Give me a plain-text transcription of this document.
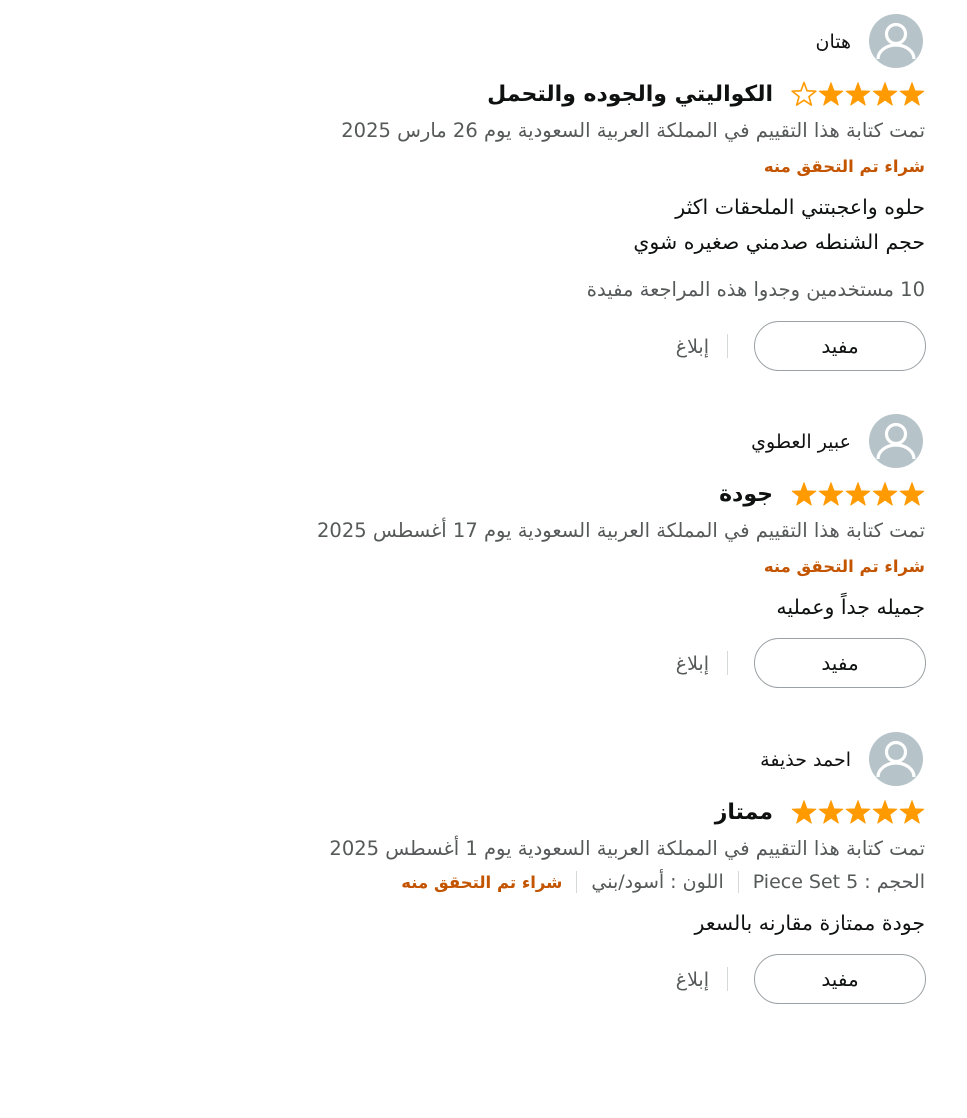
هتان
الكواليتي والجوده والتحمل
تمت كتابة هذا التقييم في المملكة العربية السعودية يوم 26 مارس 2025
شراء تم التحقق منه
حلوه واعجبتني الملحقات اكثر
حجم الشنطه صدمني صغيره شوي
10 مستخدمين وجدوا هذه المراجعة مفيدة
مفيد
إبلاغ
عبير العطوي
جودة
تمت كتابة هذا التقييم في المملكة العربية السعودية يوم 17 أغسطس 2025
شراء تم التحقق منه
جميله جداً وعمليه
مفيد
إبلاغ
احمد حذيفة
ممتاز
تمت كتابة هذا التقييم في المملكة العربية السعودية يوم 1 أغسطس 2025
الحجم : Piece Set 5
اللون : أسود/بني
شراء تم التحقق منه
جودة ممتازة مقارنه بالسعر
مفيد
إبلاغ
